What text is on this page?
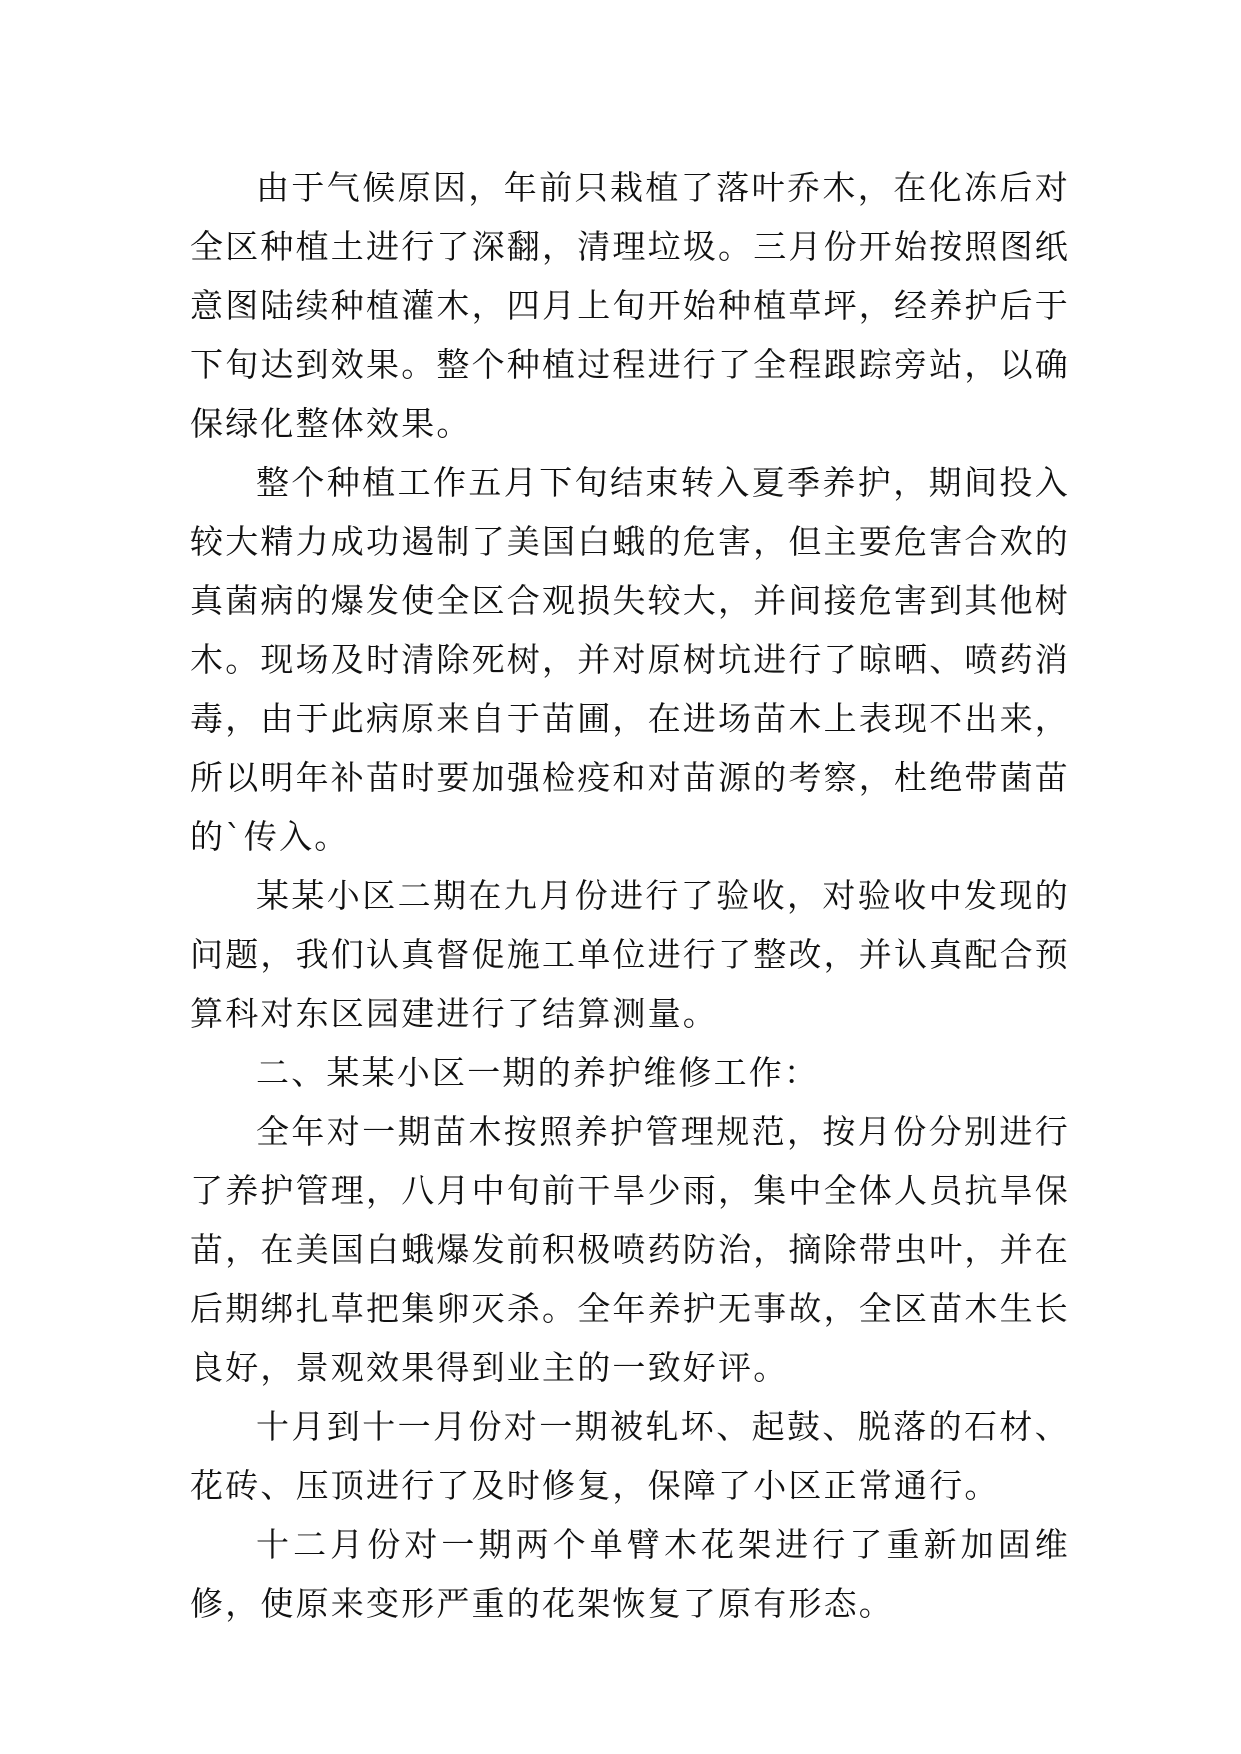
由于气候原因，年前只栽植了落叶乔木，在化冻后对全区种植土进行了深翻，清理垃圾。三月份开始按照图纸意图陆续种植灌木，四月上旬开始种植草坪，经养护后于下旬达到效果。整个种植过程进行了全程跟踪旁站，以确保绿化整体效果。

整个种植工作五月下旬结束转入夏季养护，期间投入较大精力成功遏制了美国白蛾的危害，但主要危害合欢的真菌病的爆发使全区合观损失较大，并间接危害到其他树木。现场及时清除死树，并对原树坑进行了晾晒、喷药消毒，由于此病原来自于苗圃，在进场苗木上表现不出来，所以明年补苗时要加强检疫和对苗源的考察，杜绝带菌苗的`传入。

某某小区二期在九月份进行了验收，对验收中发现的问题，我们认真督促施工单位进行了整改，并认真配合预算科对东区园建进行了结算测量。

二、某某小区一期的养护维修工作：

全年对一期苗木按照养护管理规范，按月份分别进行了养护管理，八月中旬前干旱少雨，集中全体人员抗旱保苗，在美国白蛾爆发前积极喷药防治，摘除带虫叶，并在后期绑扎草把集卵灭杀。全年养护无事故，全区苗木生长良好，景观效果得到业主的一致好评。

十月到十一月份对一期被轧坏、起鼓、脱落的石材、花砖、压顶进行了及时修复，保障了小区正常通行。

十二月份对一期两个单臂木花架进行了重新加固维修，使原来变形严重的花架恢复了原有形态。
